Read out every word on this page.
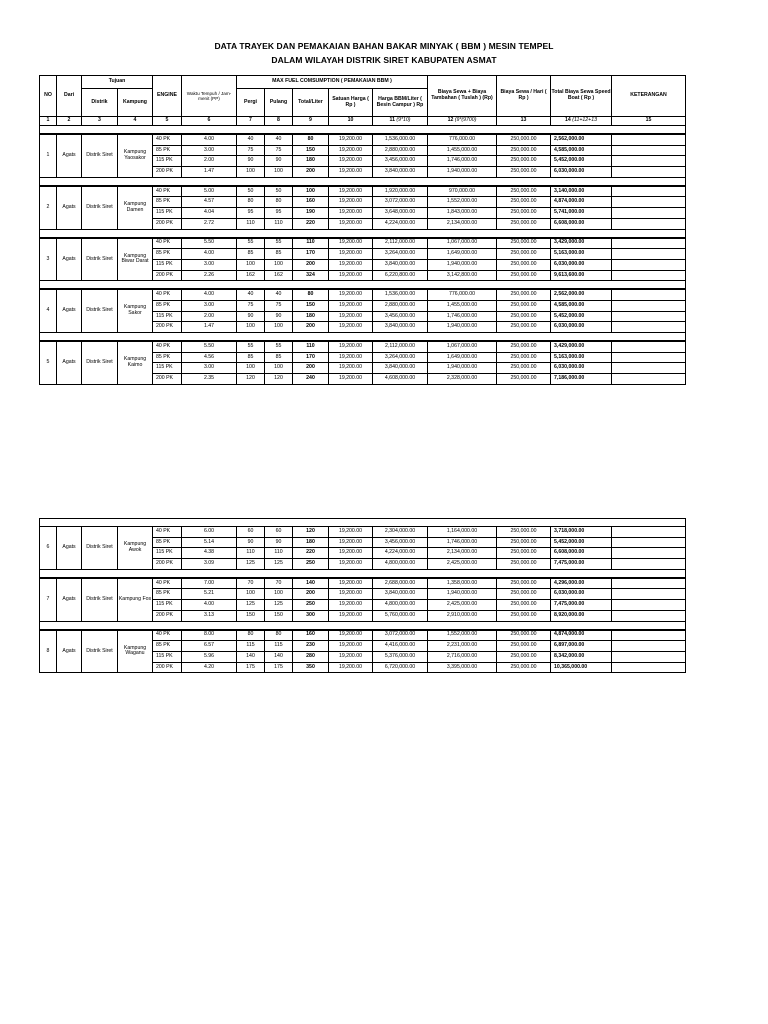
DATA TRAYEK DAN PEMAKAIAN BAHAN BAKAR MINYAK ( BBM ) MESIN TEMPEL
DALAM WILAYAH DISTRIK SIRET KABUPATEN ASMAT
NO	Dari	Tujuan		ENGINE	Waktu Tempuh / Jam-menit (PP)	MAX FUEL COMSUMPTION ( PEMAKAIAN BBM )					Biaya Sewa + Biaya Tambahan ( Tuslah ) (Rp)	Biaya Sewa / Hari ( Rp )	Total Biaya Sewa Speed Boat ( Rp )	KETERANGAN
		Distrik	Kampung			Pergi	Pulang	Total/Liter	Satuan Harga ( Rp )	Harga BBM/Liter ( Besin Campur ) Rp				
1	2	3	4	5	6	7	8	9	10	11 (9*10)	12 (9*(9700)	13	14 (11+12+13	15

1	Agats	Distrik Siret	Kampung Yaosakor	40 PK	4.00	40	40	80	19,200.00	1,536,000.00	776,000.00	250,000.00	2,562,000.00	
				85 PK	3.00	75	75	150	19,200.00	2,880,000.00	1,455,000.00	250,000.00	4,585,000.00	
				115 PK	2.00	90	90	180	19,200.00	3,456,000.00	1,746,000.00	250,000.00	5,452,000.00	
				200 PK	1.47	100	100	200	19,200.00	3,840,000.00	1,940,000.00	250,000.00	6,030,000.00	

2	Agats	Distrik Siret	Kampung Damen	40 PK	5.00	50	50	100	19,200.00	1,920,000.00	970,000.00	250,000.00	3,140,000.00	
				85 PK	4.57	80	80	160	19,200.00	3,072,000.00	1,552,000.00	250,000.00	4,874,000.00	
				115 PK	4.04	95	95	190	19,200.00	3,648,000.00	1,843,000.00	250,000.00	5,741,000.00	
				200 PK	2.72	110	110	220	19,200.00	4,224,000.00	2,134,000.00	250,000.00	6,608,000.00	

3	Agats	Distrik Siret	Kampung Biwar Darat	40 PK	5.50	55	55	110	19,200.00	2,112,000.00	1,067,000.00	250,000.00	3,429,000.00	
				85 PK	4.00	85	85	170	19,200.00	3,264,000.00	1,649,000.00	250,000.00	5,163,000.00	
				115 PK	3.00	100	100	200	19,200.00	3,840,000.00	1,940,000.00	250,000.00	6,030,000.00	
				200 PK	2.26	162	162	324	19,200.00	6,220,800.00	3,142,800.00	250,000.00	9,613,600.00	

4	Agats	Distrik Siret	Kampung Sakor	40 PK	4.00	40	40	80	19,200.00	1,536,000.00	776,000.00	250,000.00	2,562,000.00	
				85 PK	3.00	75	75	150	19,200.00	2,880,000.00	1,455,000.00	250,000.00	4,585,000.00	
				115 PK	2.00	90	90	180	19,200.00	3,456,000.00	1,746,000.00	250,000.00	5,452,000.00	
				200 PK	1.47	100	100	200	19,200.00	3,840,000.00	1,940,000.00	250,000.00	6,030,000.00	

5	Agats	Distrik Siret	Kampung Kaimo	40 PK	5.50	55	55	110	19,200.00	2,112,000.00	1,067,000.00	250,000.00	3,429,000.00	
				85 PK	4.56	85	85	170	19,200.00	3,264,000.00	1,649,000.00	250,000.00	5,163,000.00	
				115 PK	3.00	100	100	200	19,200.00	3,840,000.00	1,940,000.00	250,000.00	6,030,000.00	
				200 PK	2.35	120	120	240	19,200.00	4,608,000.00	2,328,000.00	250,000.00	7,186,000.00	

6	Agats	Distrik Siret	Kampung Awok	40 PK	6.00	60	60	120	19,200.00	2,304,000.00	1,164,000.00	250,000.00	3,718,000.00	
				85 PK	5.14	90	90	180	19,200.00	3,456,000.00	1,746,000.00	250,000.00	5,452,000.00	
				115 PK	4.38	110	110	220	19,200.00	4,224,000.00	2,134,000.00	250,000.00	6,608,000.00	
				200 PK	3.09	125	125	250	19,200.00	4,800,000.00	2,425,000.00	250,000.00	7,475,000.00	

7	Agats	Distrik Siret	Kampung Fos	40 PK	7.00	70	70	140	19,200.00	2,688,000.00	1,358,000.00	250,000.00	4,296,000.00	
				85 PK	5.21	100	100	200	19,200.00	3,840,000.00	1,940,000.00	250,000.00	6,030,000.00	
				115 PK	4.00	125	125	250	19,200.00	4,800,000.00	2,425,000.00	250,000.00	7,475,000.00	
				200 PK	3.13	150	150	300	19,200.00	5,760,000.00	2,910,000.00	250,000.00	8,920,000.00	

8	Agats	Distrik Siret	Kampung Waganu	40 PK	8.00	80	80	160	19,200.00	3,072,000.00	1,552,000.00	250,000.00	4,874,000.00	
				85 PK	6.57	115	115	230	19,200.00	4,416,000.00	2,231,000.00	250,000.00	6,897,000.00	
				115 PK	5.96	140	140	280	19,200.00	5,376,000.00	2,716,000.00	250,000.00	8,342,000.00	
				200 PK	4.20	175	175	350	19,200.00	6,720,000.00	3,395,000.00	250,000.00	10,365,000.00	
